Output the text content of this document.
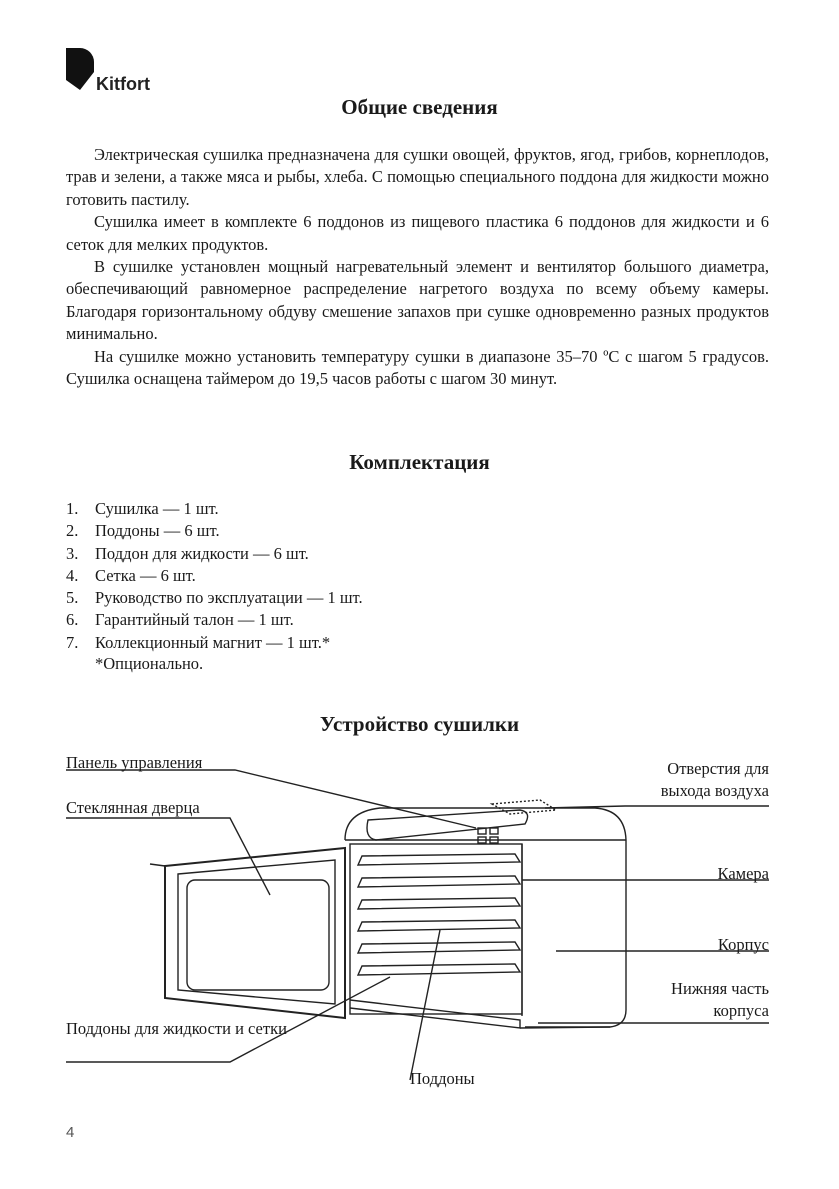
Kitfort
Общие сведения

Электрическая сушилка предназначена для сушки овощей, фруктов, ягод, грибов, корнеплодов, трав и зелени, а также мяса и рыбы, хлеба. С помощью специального поддона для жидкости можно готовить пастилу.

Сушилка имеет в комплекте 6 поддонов из пищевого пластика 6 поддонов для жидкости и 6 сеток для мелких продуктов.

В сушилке установлен мощный нагревательный элемент и вентилятор большого диаметра, обеспечивающий равномерное распределение нагретого воздуха по всему объему камеры. Благодаря горизонтальному обдуву смешение запахов при сушке одновременно разных продуктов минимально.

На сушилке можно установить температуру сушки в диапазоне 35–70 ºС с шагом 5 градусов. Сушилка оснащена таймером до 19,5 часов работы с шагом 30 минут.

Комплектация
1.	Сушилка — 1 шт.
2.	Поддоны — 6 шт.
3.	Поддон для жидкости — 6 шт.
4.	Сетка — 6 шт.
5.	Руководство по эксплуатации — 1 шт.
6.	Гарантийный талон — 1 шт.
7.	Коллекционный магнит — 1 шт.*
*Опционально.
Устройство сушилки
Панель управления
Стеклянная дверца
Поддоны для жидкости и сетки
Поддоны
Отверстия для выхода воздуха
Камера
Корпус
Нижняя часть корпуса
4
